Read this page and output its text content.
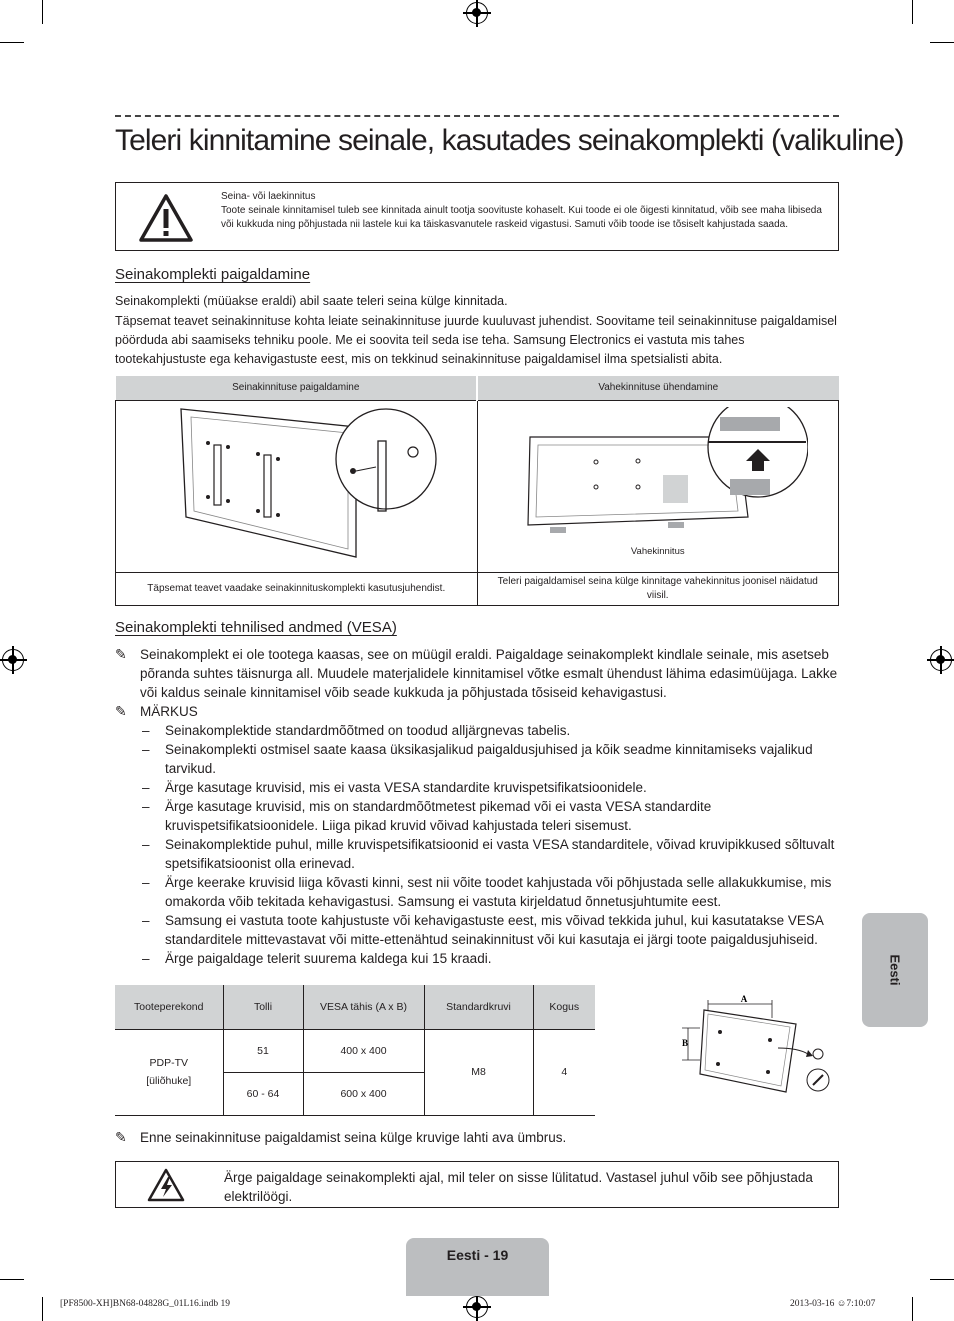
Teleri kinnitamine seinale, kasutades seinakomplekti (valikuline)
Seina- või laekinnitus
Toote seinale kinnitamisel tuleb see kinnitada ainult tootja soovituste kohaselt. Kui toode ei ole õigesti kinnitatud, võib see maha libiseda või kukkuda ning põhjustada nii lastele kui ka täiskasvanutele raskeid vigastusi. Samuti võib toode ise tõsiselt kahjustada saada.
Seinakomplekti paigaldamine

Seinakomplekti (müüakse eraldi) abil saate teleri seina külge kinnitada.

Täpsemat teavet seinakinnituse kohta leiate seinakinnituse juurde kuuluvast juhendist. Soovitame teil seinakinnituse paigaldamisel pöörduda abi saamiseks tehniku poole. Me ei soovita teil seda ise teha. Samsung Electronics ei vastuta mis tahes tootekahjustuste ega kehavigastuste eest, mis on tekkinud seinakinnituse paigaldamisel ilma spetsialisti abita.

Seinakinnituse paigaldamine	Vahekinnituse ühendamine

Vahekinnitus

Täpsemat teavet vaadake seinakinnituskomplekti kasutusjuhendist.	Teleri paigaldamisel seina külge kinnitage vahekinnitus joonisel näidatud viisil.
Seinakomplekti tehnilised andmed (VESA)
✎ Seinakomplekt ei ole tootega kaasas, see on müügil eraldi. Paigaldage seinakomplekt kindlale seinale, mis asetseb põranda suhtes täisnurga all. Muudele materjalidele kinnitamisel võtke esmalt ühendust lähima edasimüüjaga. Lakke või kaldus seinale kinnitamisel võib seade kukkuda ja põhjustada tõsiseid kehavigastusi.
✎ MÄRKUS
– Seinakomplektide standardmõõtmed on toodud alljärgnevas tabelis.
– Seinakomplekti ostmisel saate kaasa üksikasjalikud paigaldusjuhised ja kõik seadme kinnitamiseks vajalikud tarvikud.
– Ärge kasutage kruvisid, mis ei vasta VESA standardite kruvispetsifikatsioonidele.
– Ärge kasutage kruvisid, mis on standardmõõtmetest pikemad või ei vasta VESA standardite kruvispetsifikatsioonidele. Liiga pikad kruvid võivad kahjustada teleri sisemust.
– Seinakomplektide puhul, mille kruvispetsifikatsioonid ei vasta VESA standarditele, võivad kruvipikkused sõltuvalt spetsifikatsioonist olla erinevad.
– Ärge keerake kruvisid liiga kõvasti kinni, sest nii võite toodet kahjustada või põhjustada selle allakukkumise, mis omakorda võib tekitada kehavigastusi. Samsung ei vastuta kirjeldatud õnnetusjuhtumite eest.
– Samsung ei vastuta toote kahjustuste või kehavigastuste eest, mis võivad tekkida juhul, kui kasutatakse VESA standarditele mittevastavat või mitte-ettenähtud seinakinnitust või kui kasutaja ei järgi toote paigaldusjuhiseid.
– Ärge paigaldage telerit suurema kaldega kui 15 kraadi.
Tooteperekond	Tolli	VESA tähis (A x B)	Standardkruvi	Kogus
PDP-TV
[üliõhuke]	51	400 x 400	M8	4
	60 - 64	600 x 400		
A
B
✎ Enne seinakinnituse paigaldamist seina külge kruvige lahti ava ümbrus.
Ärge paigaldage seinakomplekti ajal, mil teler on sisse lülitatud. Vastasel juhul võib see põhjustada elektrilöögi.
Eesti
Eesti - 19
[PF8500-XH]BN68-04828G_01L16.indb 19	2013-03-16 ☺7:10:07
